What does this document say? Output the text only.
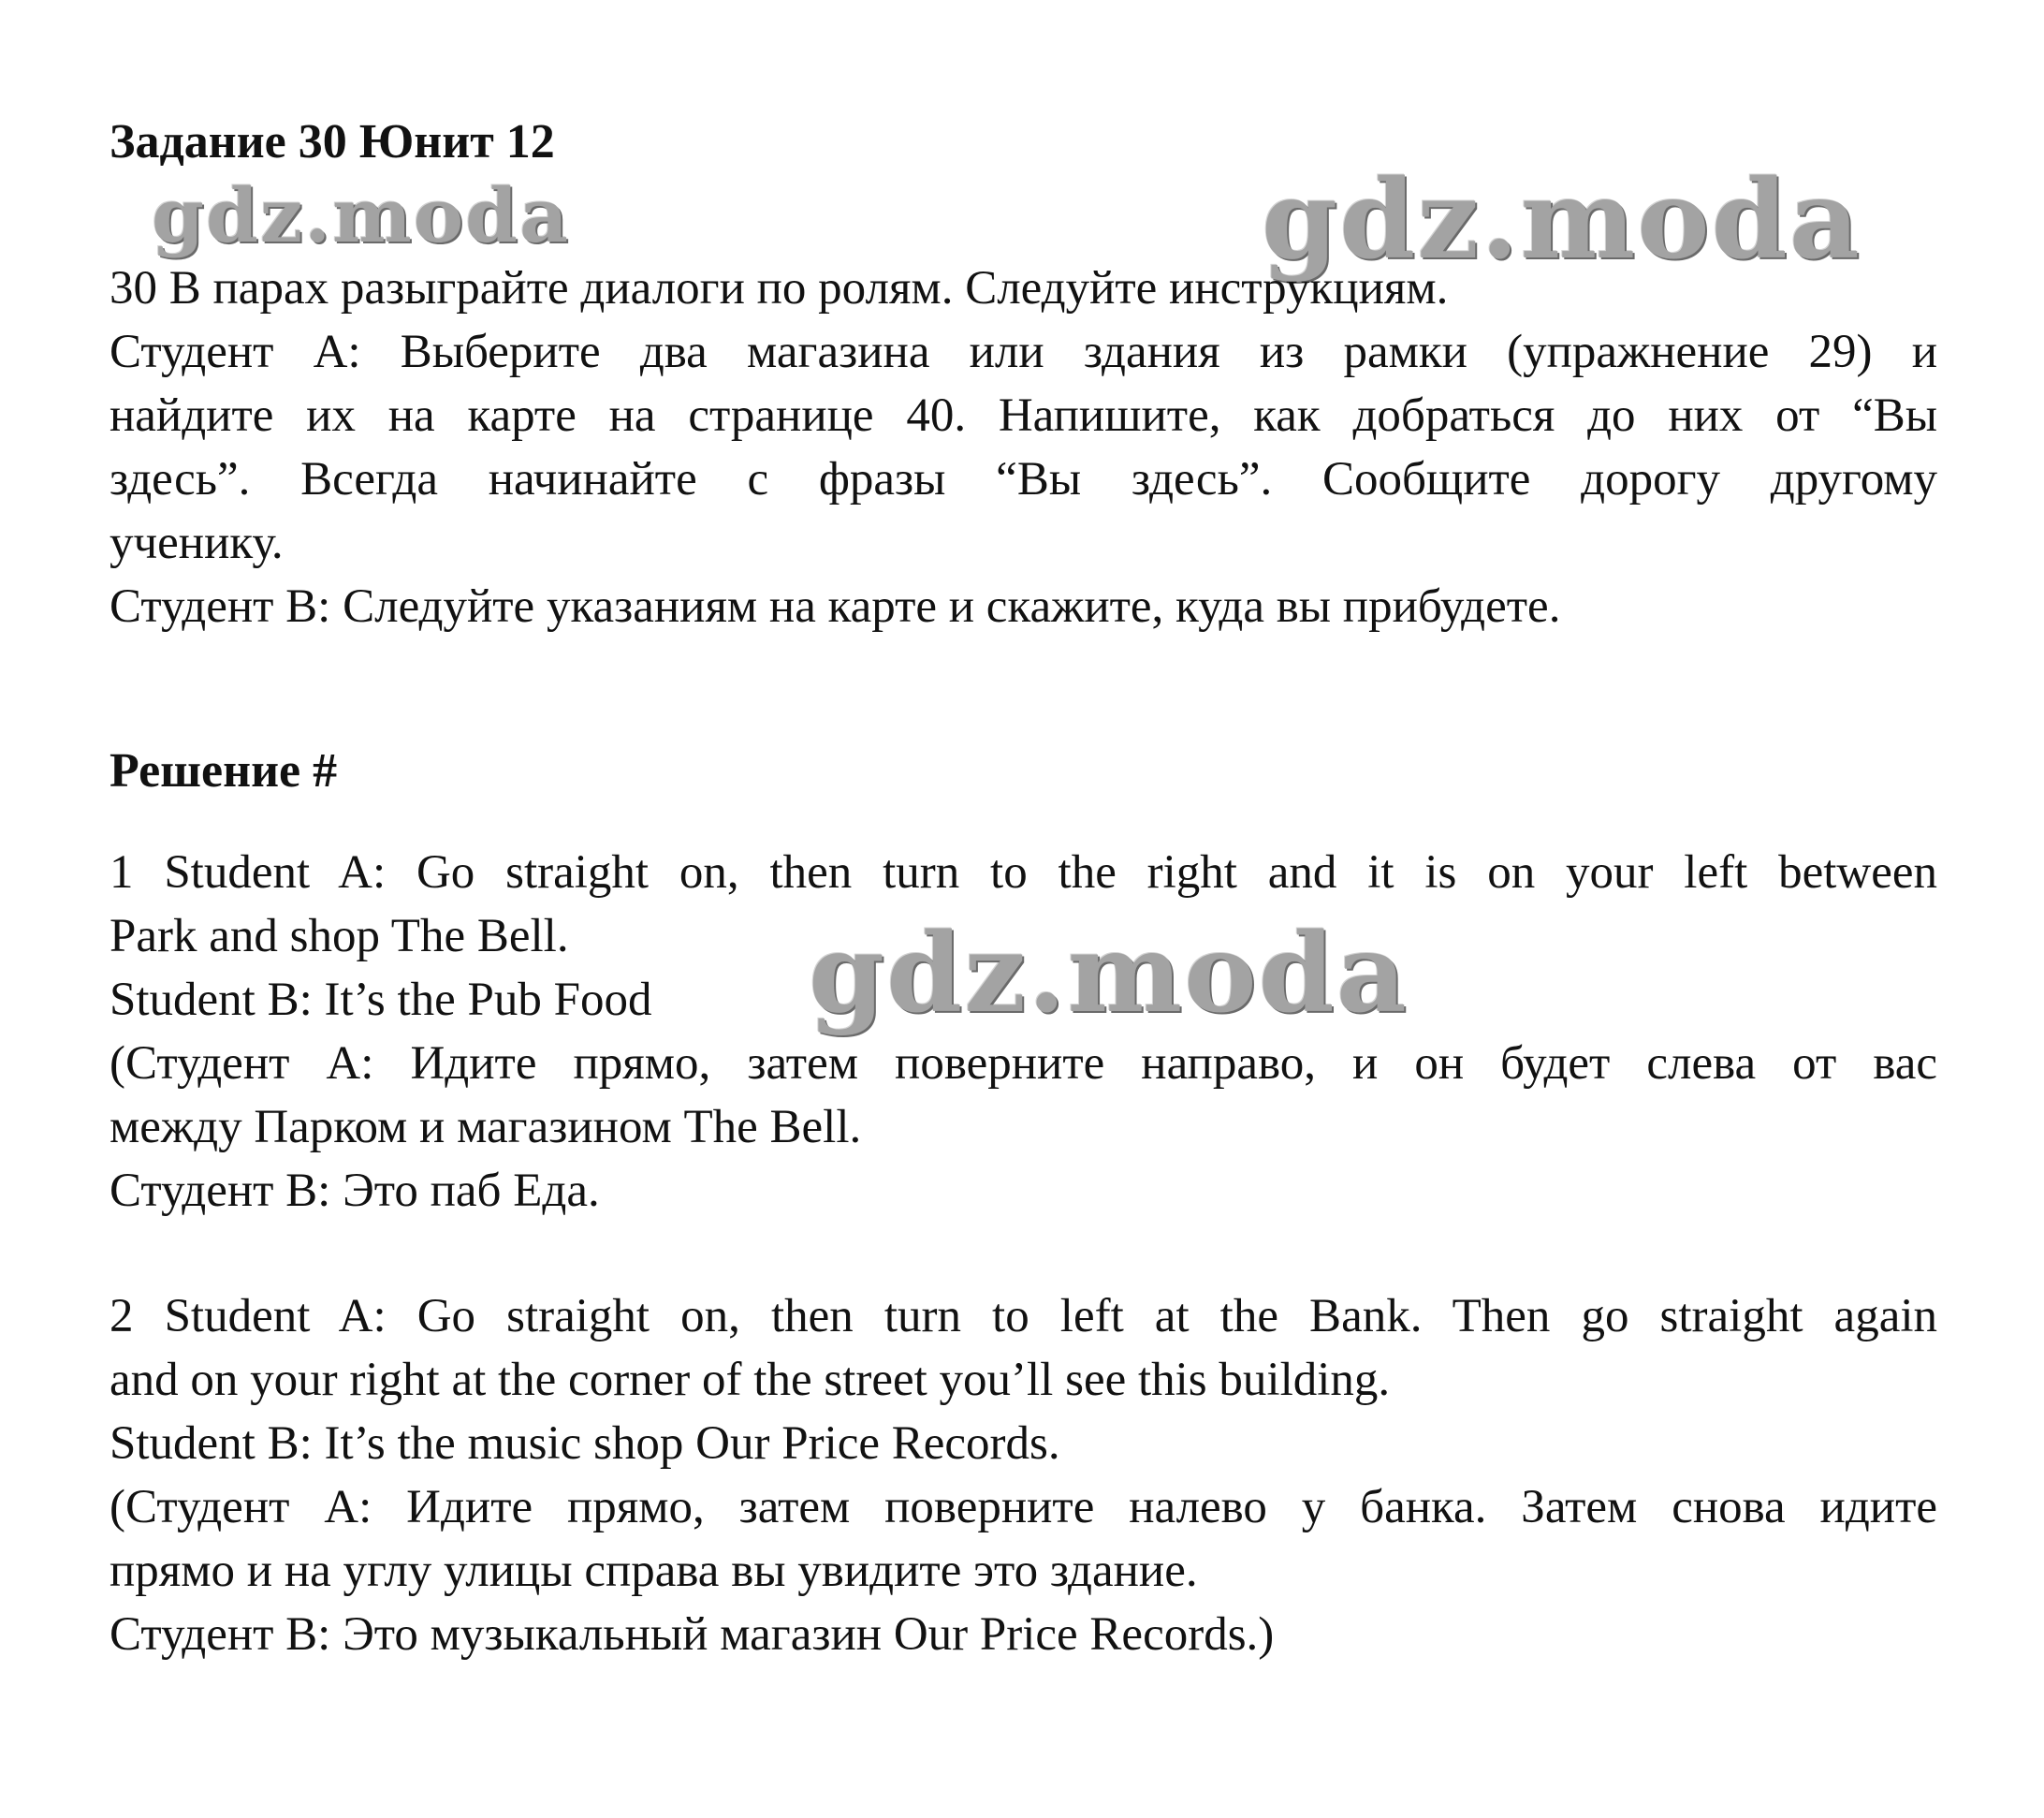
Задание 30 Юнит 12
gdz.moda	gdz.moda
30 В парах разыграйте диалоги по ролям. Следуйте инструкциям.
Студент А: Выберите два магазина или здания из рамки (упражнение 29) и
найдите их на карте на странице 40. Напишите, как добраться до них от “Вы
здесь”. Всегда начинайте с фразы “Вы здесь”. Сообщите дорогу другому
ученику.
Студент В: Следуйте указаниям на карте и скажите, куда вы прибудете.
Решение #
1 Student A: Go straight on, then turn to the right and it is on your left between
Park and shop The Bell.
Student B: It’s the Pub Food
(Студент А: Идите прямо, затем поверните направо, и он будет слева от вас
между Парком и магазином The Bell.
Студент В: Это паб Еда.
gdz.moda
2 Student A: Go straight on, then turn to left at the Bank. Then go straight again
and on your right at the corner of the street you’ll see this building.
Student B: It’s the music shop Our Price Records.
(Студент А: Идите прямо, затем поверните налево у банка. Затем снова идите
прямо и на углу улицы справа вы увидите это здание.
Студент В: Это музыкальный магазин Our Price Records.)
